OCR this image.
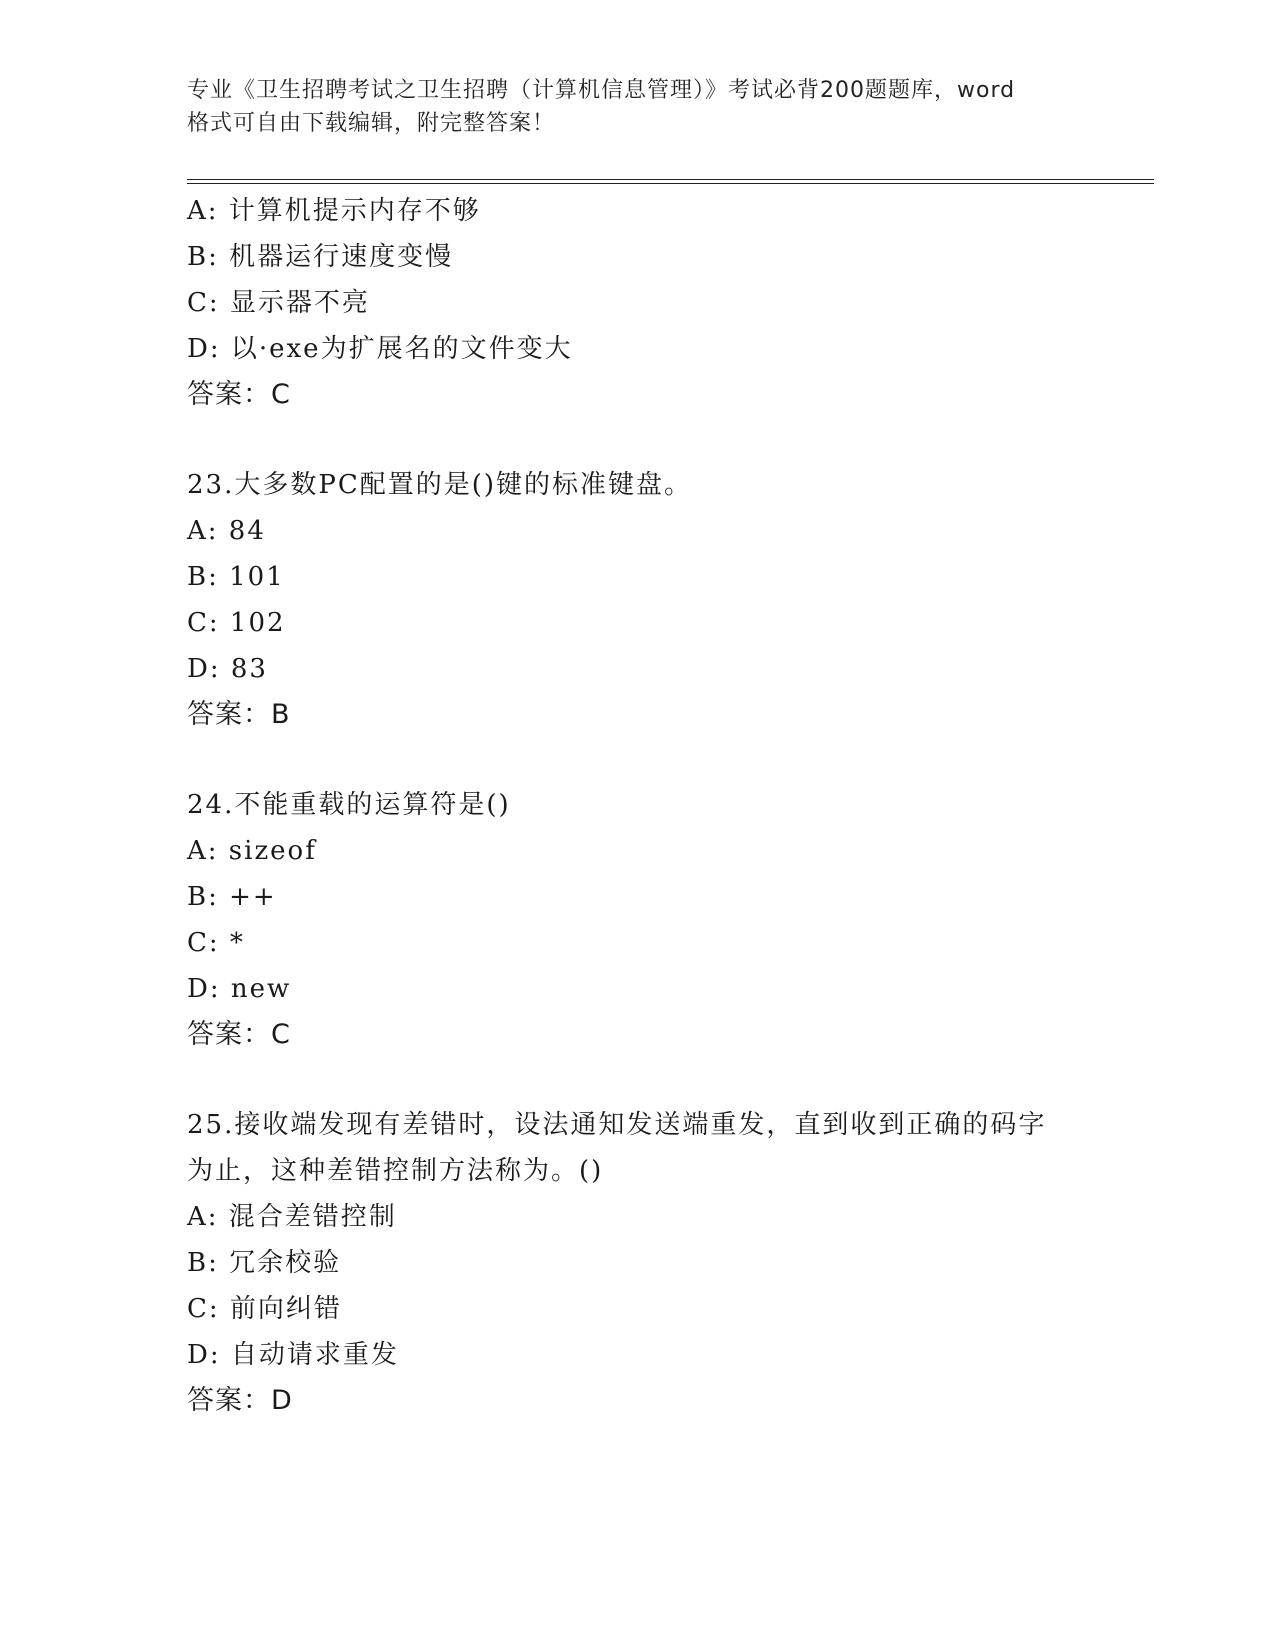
专业《卫生招聘考试之卫生招聘（计算机信息管理）》考试必背200题题库，word
格式可自由下载编辑，附完整答案！
A: 计算机提示内存不够
B: 机器运行速度变慢
C: 显示器不亮
D: 以·exe为扩展名的文件变大
答案：C
23.大多数PC配置的是()键的标准键盘。
A: 84
B: 101
C: 102
D: 83
答案：B
24.不能重载的运算符是()
A: sizeof
B: ++
C: *
D: new
答案：C
25.接收端发现有差错时，设法通知发送端重发，直到收到正确的码字
为止，这种差错控制方法称为。()
A: 混合差错控制
B: 冗余校验
C: 前向纠错
D: 自动请求重发
答案：D
